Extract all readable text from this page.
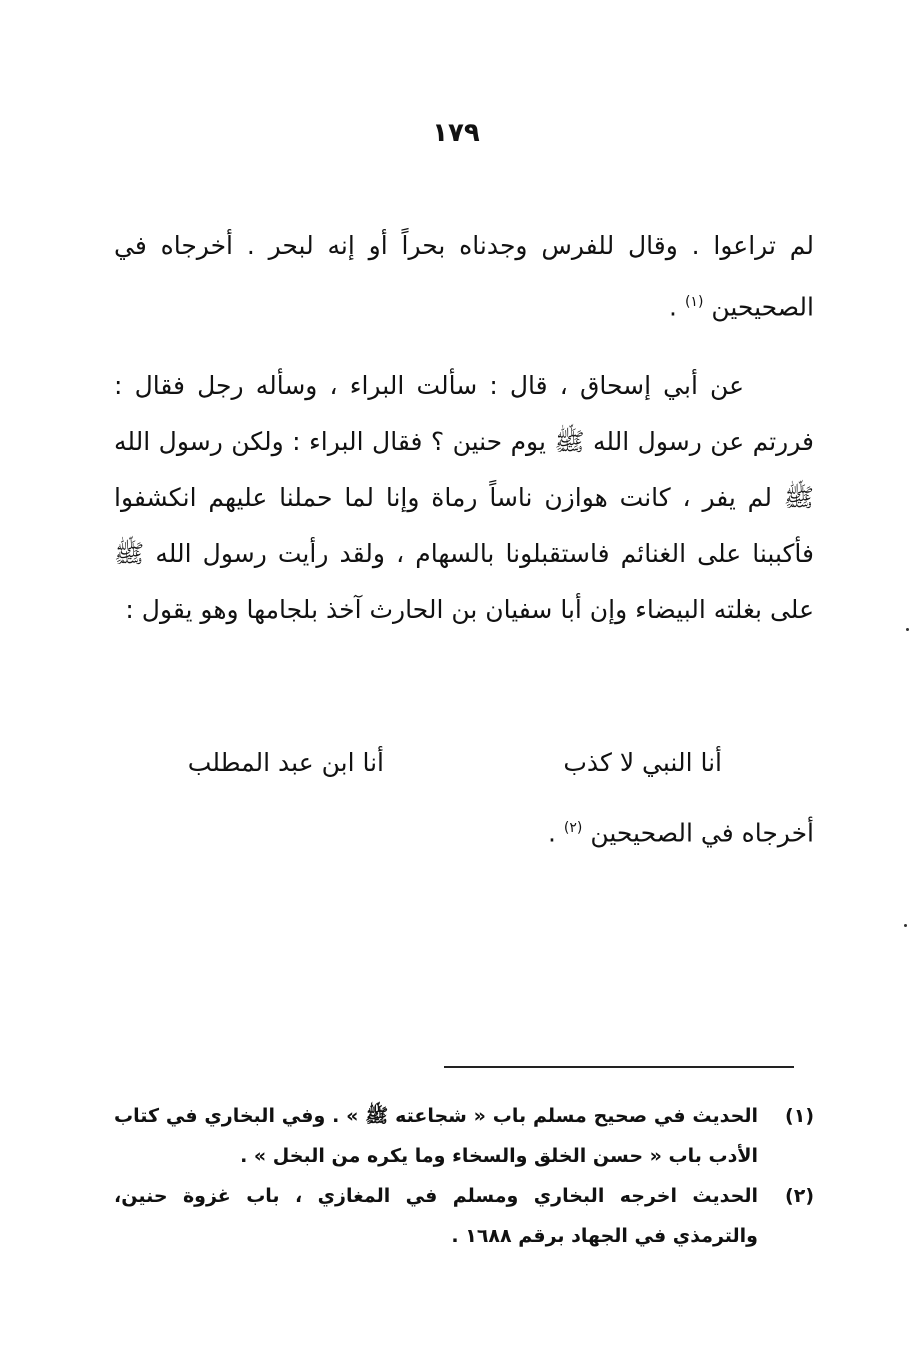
١٧٩
لم تراعوا . وقال للفرس وجدناه بحراً أو إنه لبحر . أخرجاه في الصحيحين $^{(١)}$ .
عن أبي إسحاق ، قال : سألت البراء ، وسأله رجل فقال : فررتم عن رسول الله ﷺ يوم حنين ؟ فقال البراء : ولكن رسول الله ﷺ لم يفر ، كانت هوازن ناساً رماة وإنا لما حملنا عليهم انكشفوا فأكببنا على الغنائم فاستقبلونا بالسهام ، ولقد رأيت رسول الله ﷺ على بغلته البيضاء وإن أبا سفيان بن الحارث آخذ بلجامها وهو يقول :
أنا النبي لا كذب
أنا ابن عبد المطلب
أخرجاه في الصحيحين $^{(٢)}$ .
(١)
الحديث في صحيح مسلم باب « شجاعته ﷺ » . وفي البخاري في كتاب الأدب باب « حسن الخلق والسخاء وما يكره من البخل » .
(٢)
الحديث اخرجه البخاري ومسلم في المغازي ، باب غزوة حنين، والترمذي في الجهاد برقم ١٦٨٨ .
